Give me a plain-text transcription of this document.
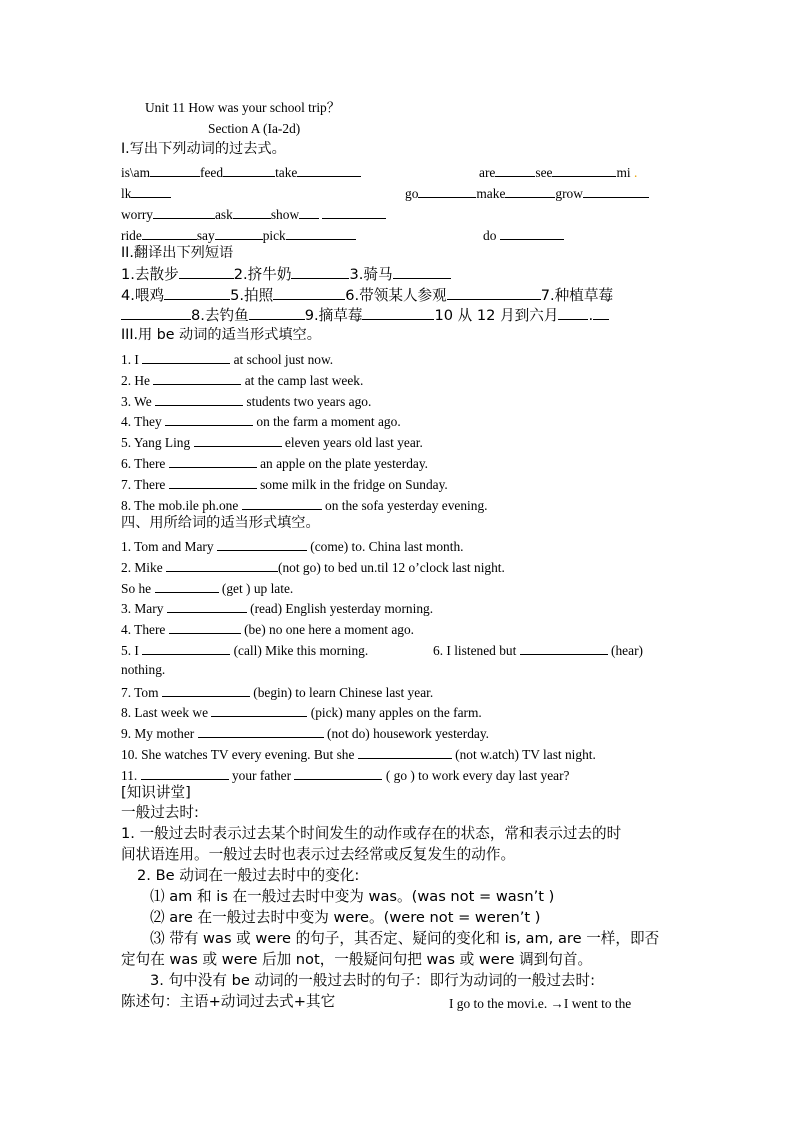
Unit 11 How was your school trip？
Section A (Ia-2d)
I.写出下列动词的过去式。
is\am	feed	take	are	see	mi .
lk	go	make	grow
worry	ask	show
ride	say	pick	do
II.翻译出下列短语
1.去散步	2.挤牛奶	3.骑马
4.喂鸡	5.拍照	6.带领某人参观	7.种植草莓
8.去钓鱼	9.摘草莓	10 从 12 月到六月 .
III.用 be 动词的适当形式填空。
1. I	at school just now.
2. He	at the camp last week.
3. We	students two years ago.
4. They	on the farm a moment ago.
5. Yang Ling	eleven years old last year.
6. There	an apple on the plate yesterday.
7. There	some milk in the fridge on Sunday.
8. The mob.ile ph.one	on the sofa yesterday evening.
四、用所给词的适当形式填空。
1. Tom and Mary	(come) to. China last month.
2. Mike	(not go) to bed un.til 12 o’clock last night.
So he	(get ) up late.
3. Mary	(read) English yesterday morning.
4. There	(be) no one here a moment ago.
5. I	(call) Mike this morning.	6. I listened but	(hear)
nothing.
7. Tom	(begin) to learn Chinese last year.
8. Last week we	(pick) many apples on the farm.
9. My mother	(not do) housework yesterday.
10. She watches TV every evening. But she	(not w.atch) TV last night.
11.	your father	( go ) to work every day last year?
[知识讲堂]
一般过去时:
1. 一般过去时表示过去某个时间发生的动作或存在的状态，常和表示过去的时
间状语连用。一般过去时也表示过去经常或反复发生的动作。
2. Be 动词在一般过去时中的变化:
⑴ am 和 is 在一般过去时中变为 was。(was not = wasn’t )
⑵ are 在一般过去时中变为 were。(were not = weren’t )
⑶ 带有 was 或 were 的句子，其否定、疑问的变化和 is, am, are 一样，即否
定句在 was 或 were 后加 not，一般疑问句把 was 或 were 调到句首。
3. 句中没有 be 动词的一般过去时的句子：即行为动词的一般过去时:
陈述句：主语+动词过去式+其它	I go to the movi.e. →I went to the
